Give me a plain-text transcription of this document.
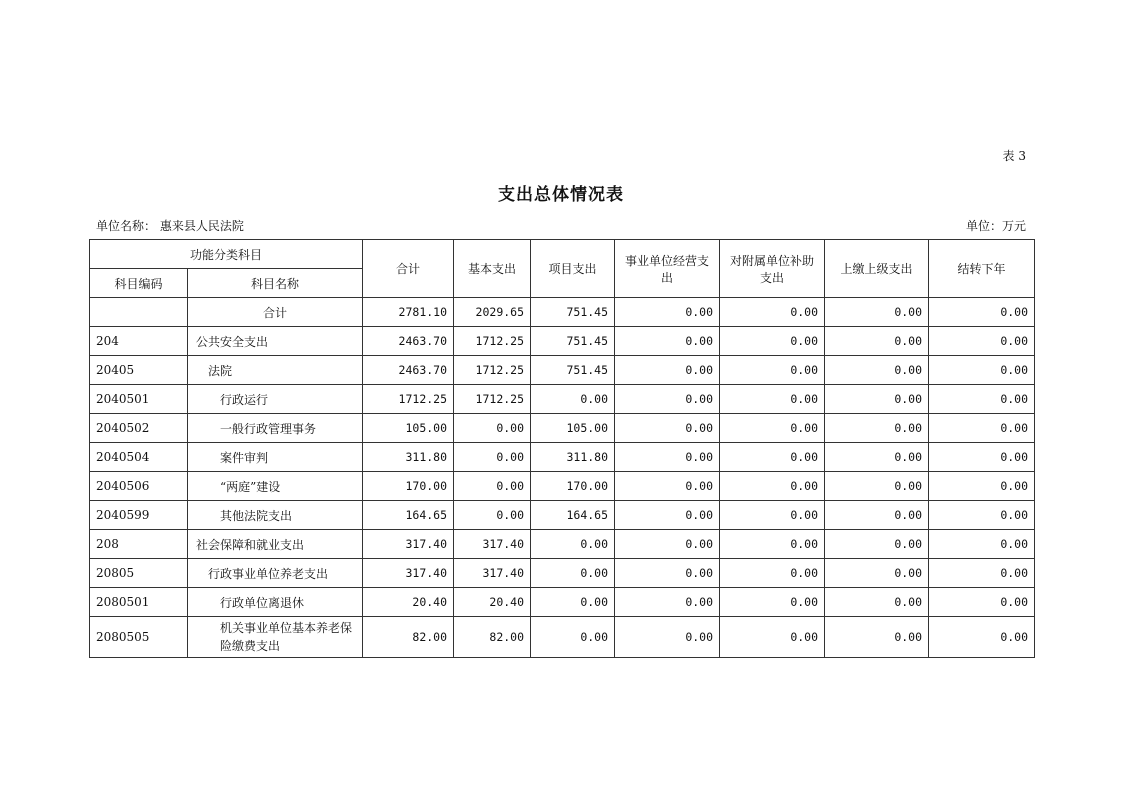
表 3
支出总体情况表
单位名称： 惠来县人民法院	单位：万元
功能分类科目		合计	基本支出	项目支出	事业单位经营支出	对附属单位补助支出	上缴上级支出	结转下年
科目编码	科目名称							
	合计	2781.10	2029.65	751.45	0.00	0.00	0.00	0.00
204	公共安全支出	2463.70	1712.25	751.45	0.00	0.00	0.00	0.00
20405	法院	2463.70	1712.25	751.45	0.00	0.00	0.00	0.00
2040501	行政运行	1712.25	1712.25	0.00	0.00	0.00	0.00	0.00
2040502	一般行政管理事务	105.00	0.00	105.00	0.00	0.00	0.00	0.00
2040504	案件审判	311.80	0.00	311.80	0.00	0.00	0.00	0.00
2040506	“两庭”建设	170.00	0.00	170.00	0.00	0.00	0.00	0.00
2040599	其他法院支出	164.65	0.00	164.65	0.00	0.00	0.00	0.00
208	社会保障和就业支出	317.40	317.40	0.00	0.00	0.00	0.00	0.00
20805	行政事业单位养老支出	317.40	317.40	0.00	0.00	0.00	0.00	0.00
2080501	行政单位离退休	20.40	20.40	0.00	0.00	0.00	0.00	0.00
2080505	机关事业单位基本养老保险缴费支出	82.00	82.00	0.00	0.00	0.00	0.00	0.00
